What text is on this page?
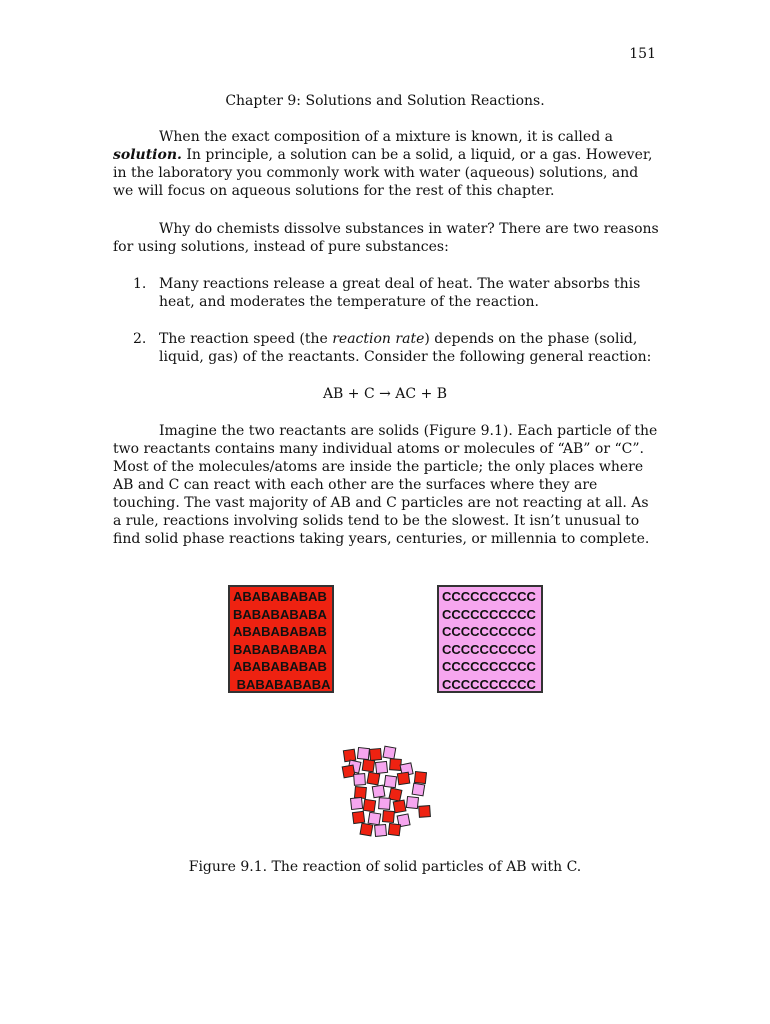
151
Chapter 9: Solutions and Solution Reactions.

When the exact composition of a mixture is known, it is called a solution. In principle, a solution can be a solid, a liquid, or a gas. However, in the laboratory you commonly work with water (aqueous) solutions, and we will focus on aqueous solutions for the rest of this chapter.

Why do chemists dissolve substances in water? There are two reasons for using solutions, instead of pure substances:

1. Many reactions release a great deal of heat. The water absorbs this heat, and moderates the temperature of the reaction.
2. The reaction speed (the reaction rate) depends on the phase (solid, liquid, gas) of the reactants. Consider the following general reaction:
AB + C → AC + B

Imagine the two reactants are solids (Figure 9.1). Each particle of the two reactants contains many individual atoms or molecules of “AB” or “C”. Most of the molecules/atoms are inside the particle; the only places where AB and C can react with each other are the surfaces where they are touching. The vast majority of AB and C particles are not reacting at all. As a rule, reactions involving solids tend to be the slowest. It isn’t unusual to find solid phase reactions taking years, centuries, or millennia to complete.

ABABABABAB
BABABABABA
ABABABABAB
BABABABABA
ABABABABAB
BABABABABA
CCCCCCCCCC
CCCCCCCCCC
CCCCCCCCCC
CCCCCCCCCC
CCCCCCCCCC
CCCCCCCCCC
Figure 9.1. The reaction of solid particles of AB with C.
